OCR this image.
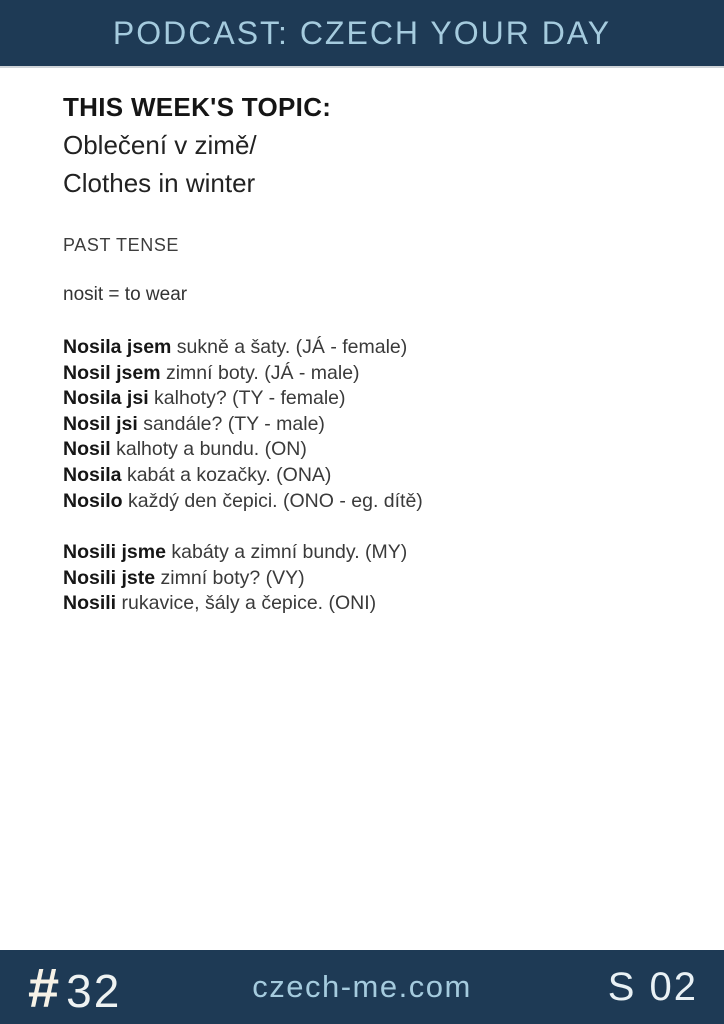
PODCAST: CZECH YOUR DAY
THIS WEEK'S TOPIC:
Oblečení v zimě/
Clothes in winter
PAST TENSE
nosit = to wear

Nosila jsem sukně a šaty. (JÁ - female)

Nosil jsem zimní boty. (JÁ - male)

Nosila jsi kalhoty? (TY - female)

Nosil jsi sandále? (TY - male)

Nosil kalhoty a bundu. (ON)

Nosila kabát a kozačky. (ONA)

Nosilo každý den čepici. (ONO - eg. dítě)

Nosili jsme kabáty a zimní bundy. (MY)

Nosili jste zimní boty? (VY)

Nosili rukavice, šály a čepice. (ONI)

# 32	czech-me.com	S 02
